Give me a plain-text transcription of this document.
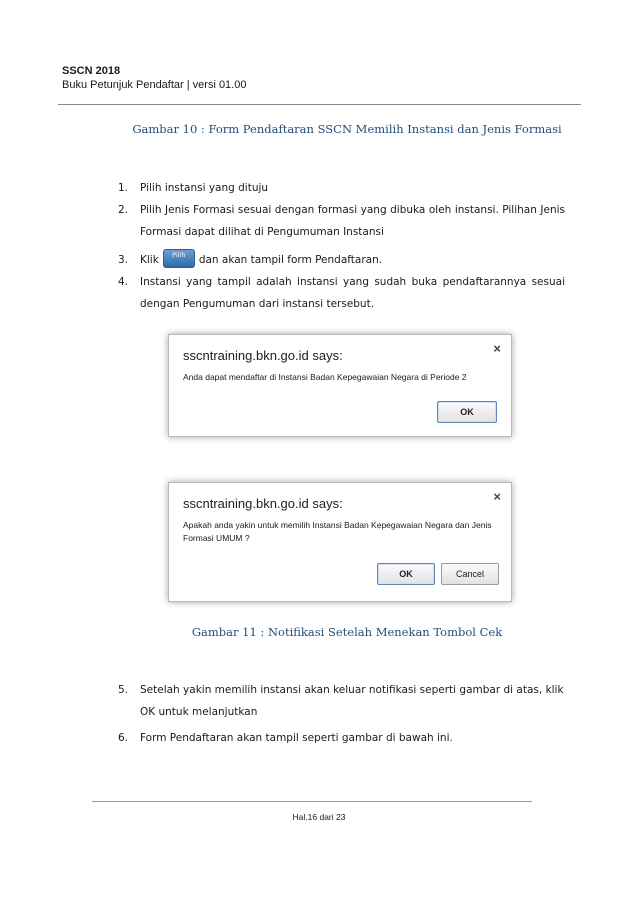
SSCN 2018
Buku Petunjuk Pendaftar | versi 01.00
Gambar 10 : Form Pendaftaran SSCN Memilih Instansi dan Jenis Formasi
1. Pilih instansi yang dituju
2. Pilih Jenis Formasi sesuai dengan formasi yang dibuka oleh instansi. Pilihan Jenis Formasi dapat dilihat di Pengumuman Instansi
3. Klik Pilih dan akan tampil form Pendaftaran.
4. Instansi yang tampil adalah instansi yang sudah buka pendaftarannya sesuai dengan Pengumuman dari instansi tersebut.
sscntraining.bkn.go.id says:	×
Anda dapat mendaftar di Instansi Badan Kepegawaian Negara di Periode 2
OK
sscntraining.bkn.go.id says:	×
Apakah anda yakin untuk memilih Instansi Badan Kepegawaian Negara dan Jenis Formasi UMUM ?
OK	Cancel
Gambar 11 : Notifikasi Setelah Menekan Tombol Cek
5. Setelah yakin memilih instansi akan keluar notifikasi seperti gambar di atas, klik OK untuk melanjutkan
6. Form Pendaftaran akan tampil seperti gambar di bawah ini.
Hal.16 dari 23
